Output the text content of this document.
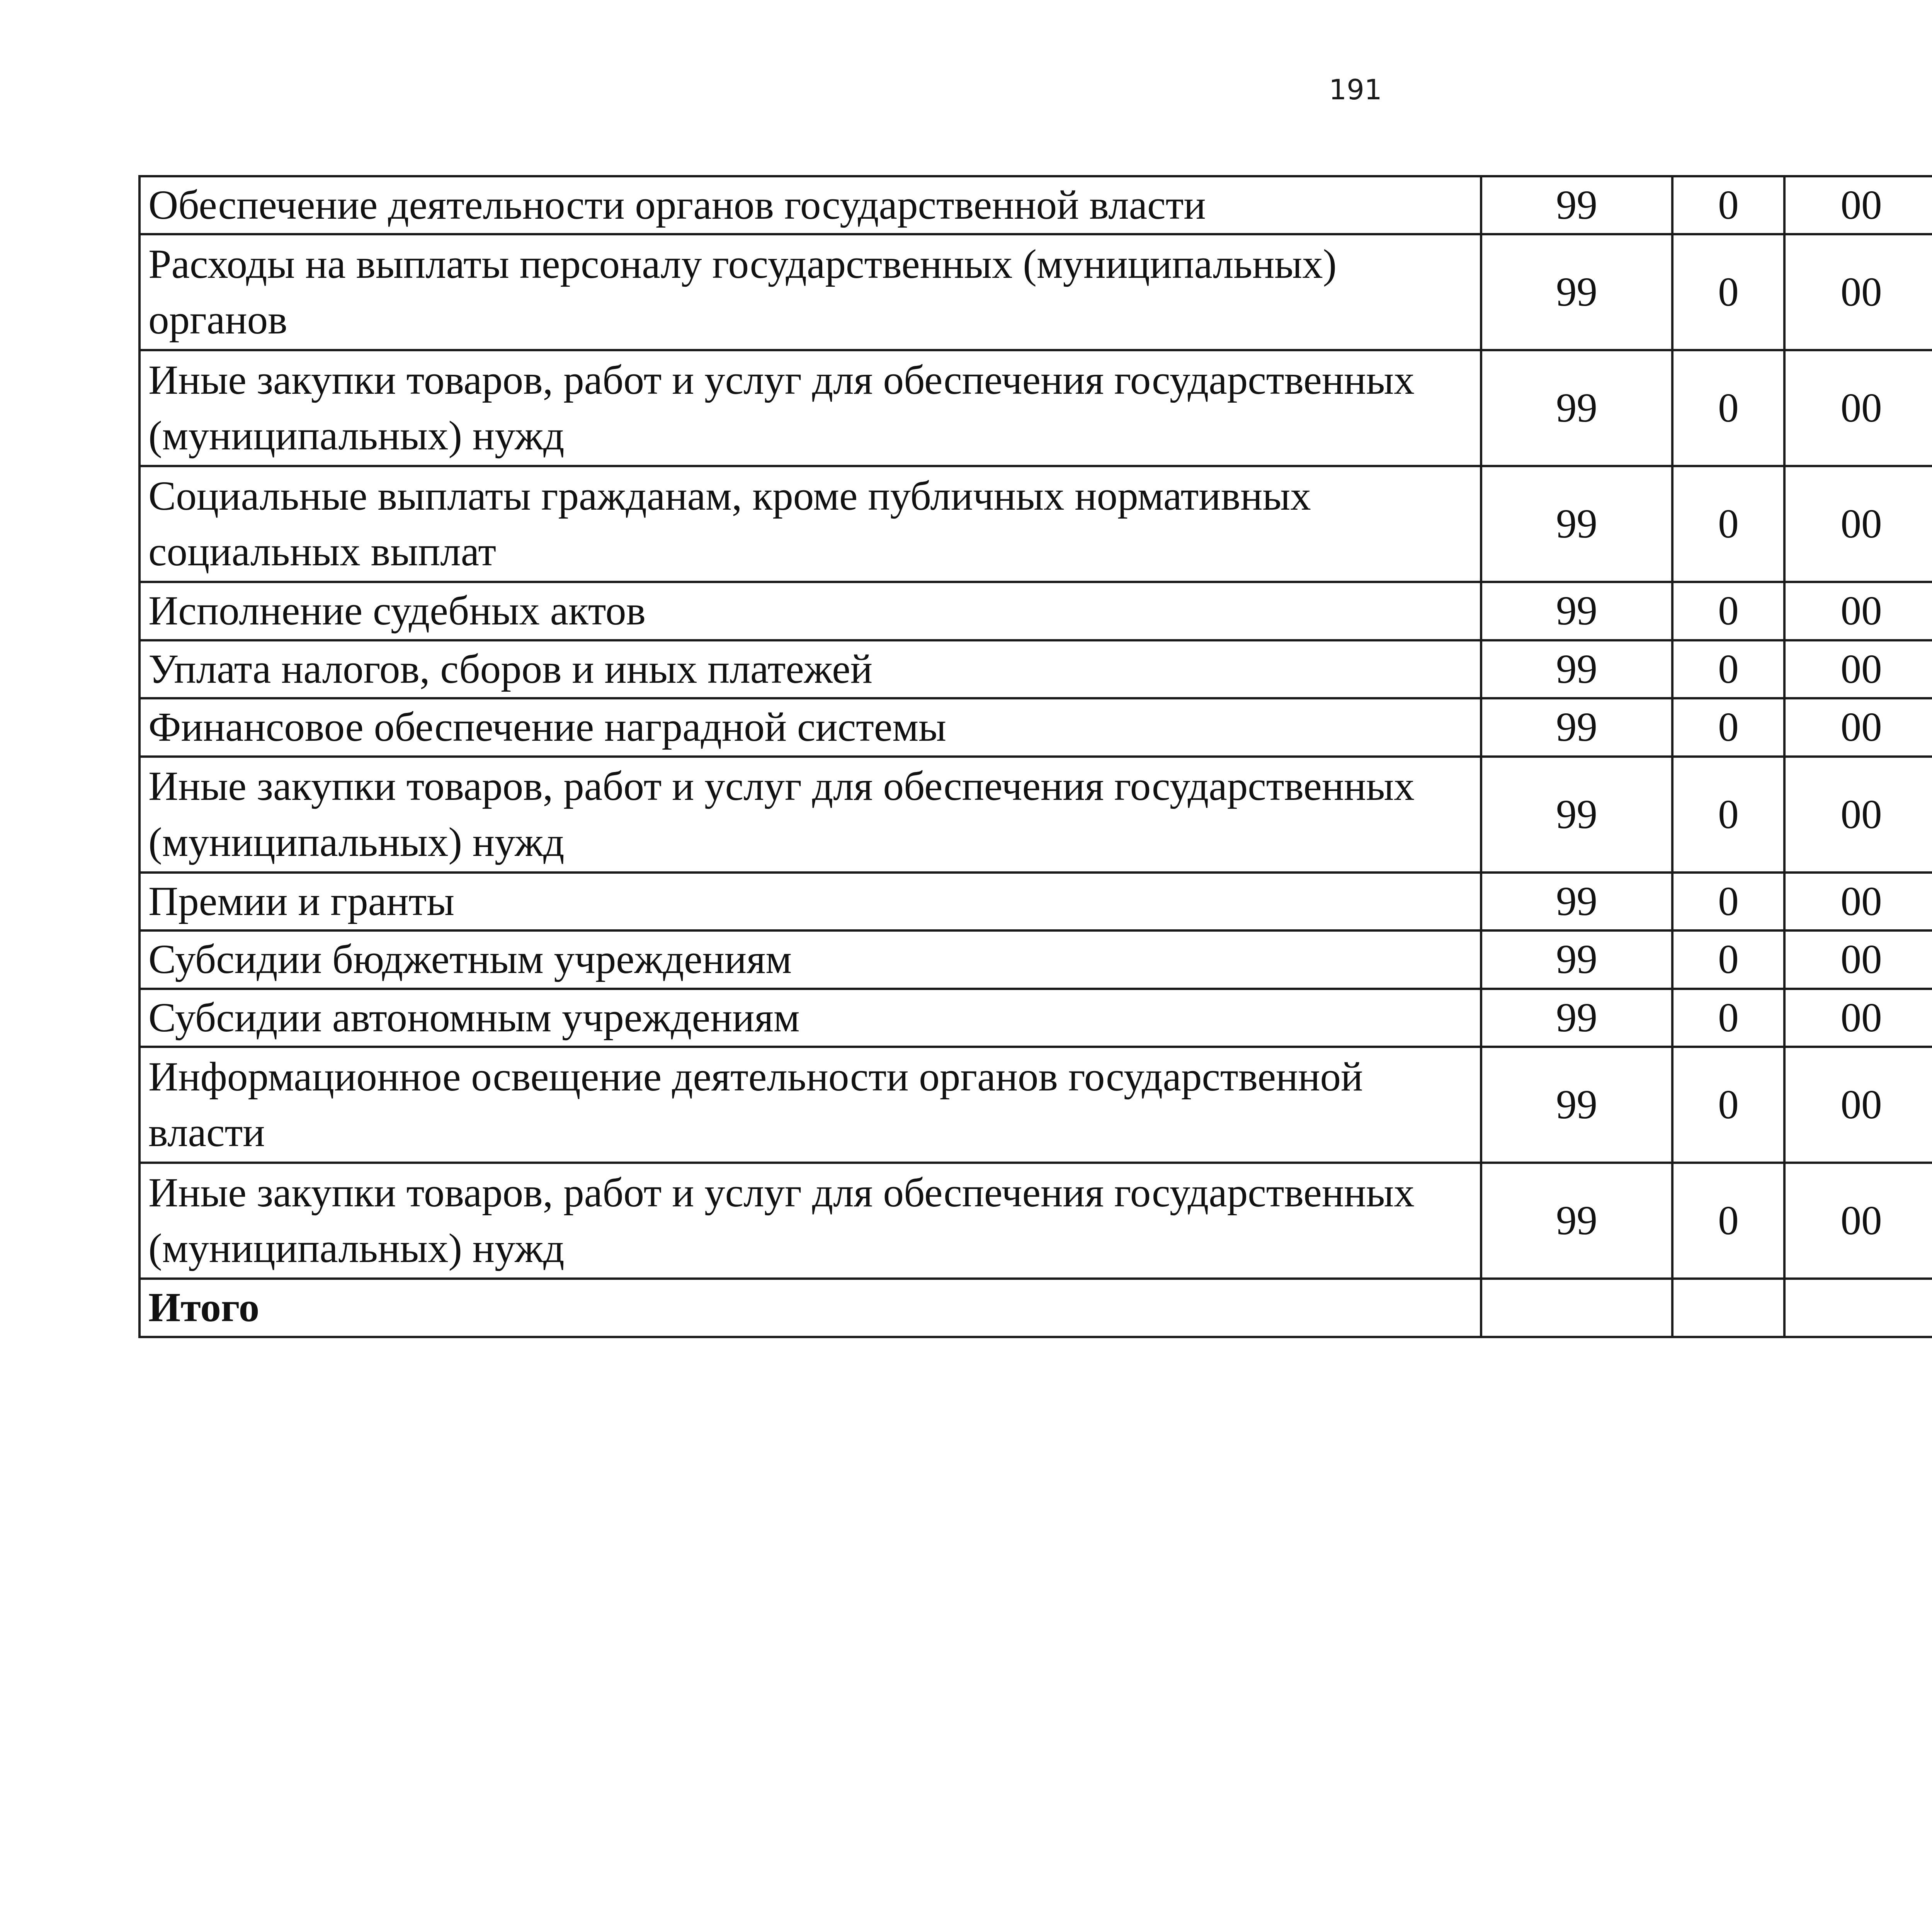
191
Обеспечение деятельности органов государственной власти	99	0	00			
Расходы на выплаты персоналу государственных (муниципальных) органов	99	0	00			
Иные закупки товаров, работ и услуг для обеспечения государственных (муниципальных) нужд	99	0	00			
Социальные выплаты гражданам, кроме публичных нормативных социальных выплат	99	0	00			
Исполнение судебных актов	99	0	00			
Уплата налогов, сборов и иных платежей	99	0	00			
Финансовое обеспечение наградной системы	99	0	00			
Иные закупки товаров, работ и услуг для обеспечения государственных (муниципальных) нужд	99	0	00			
Премии и гранты	99	0	00			
Субсидии бюджетным учреждениям	99	0	00			
Субсидии автономным учреждениям	99	0	00			
Информационное освещение деятельности органов государственной власти	99	0	00			
Иные закупки товаров, работ и услуг для обеспечения государственных (муниципальных) нужд	99	0	00			
Итого						
